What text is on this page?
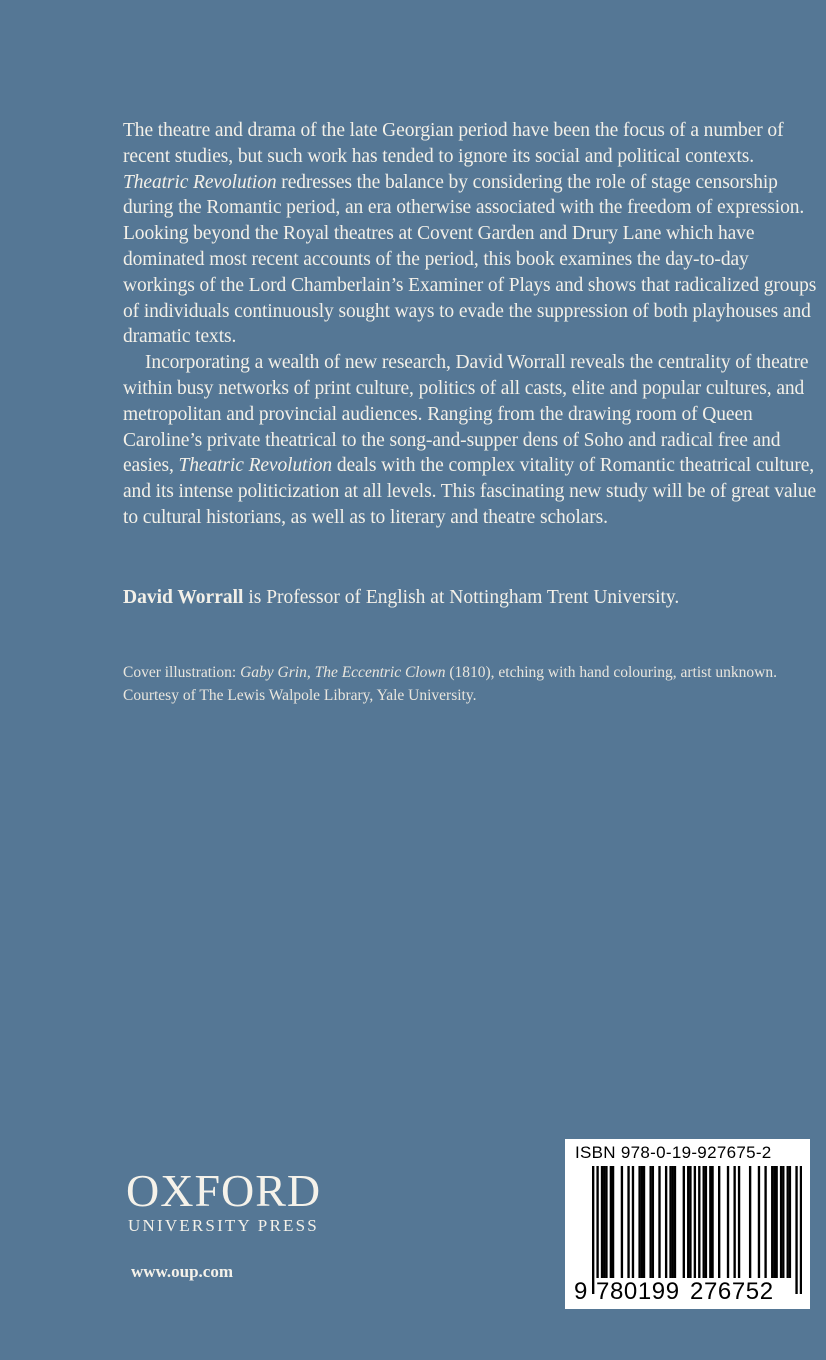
The theatre and drama of the late Georgian period have been the focus of a number of recent studies, but such work has tended to ignore its social and political contexts. Theatric Revolution redresses the balance by considering the role of stage censorship during the Romantic period, an era otherwise associated with the freedom of expression. Looking beyond the Royal theatres at Covent Garden and Drury Lane which have dominated most recent accounts of the period, this book examines the day-to-day workings of the Lord Chamberlain’s Examiner of Plays and shows that radicalized groups of individuals continuously sought ways to evade the suppression of both playhouses and dramatic texts.

Incorporating a wealth of new research, David Worrall reveals the centrality of theatre within busy networks of print culture, politics of all casts, elite and popular cultures, and metropolitan and provincial audiences. Ranging from the drawing room of Queen Caroline’s private theatrical to the song-and-supper dens of Soho and radical free and easies, Theatric Revolution deals with the complex vitality of Romantic theatrical culture, and its intense politicization at all levels. This fascinating new study will be of great value to cultural historians, as well as to literary and theatre scholars.

David Worrall is Professor of English at Nottingham Trent University.
Cover illustration: Gaby Grin, The Eccentric Clown (1810), etching with hand colouring, artist unknown. Courtesy of The Lewis Walpole Library, Yale University.
OXFORD
UNIVERSITY PRESS
www.oup.com
ISBN 978-0-19-927675-2
9 780199 276752
